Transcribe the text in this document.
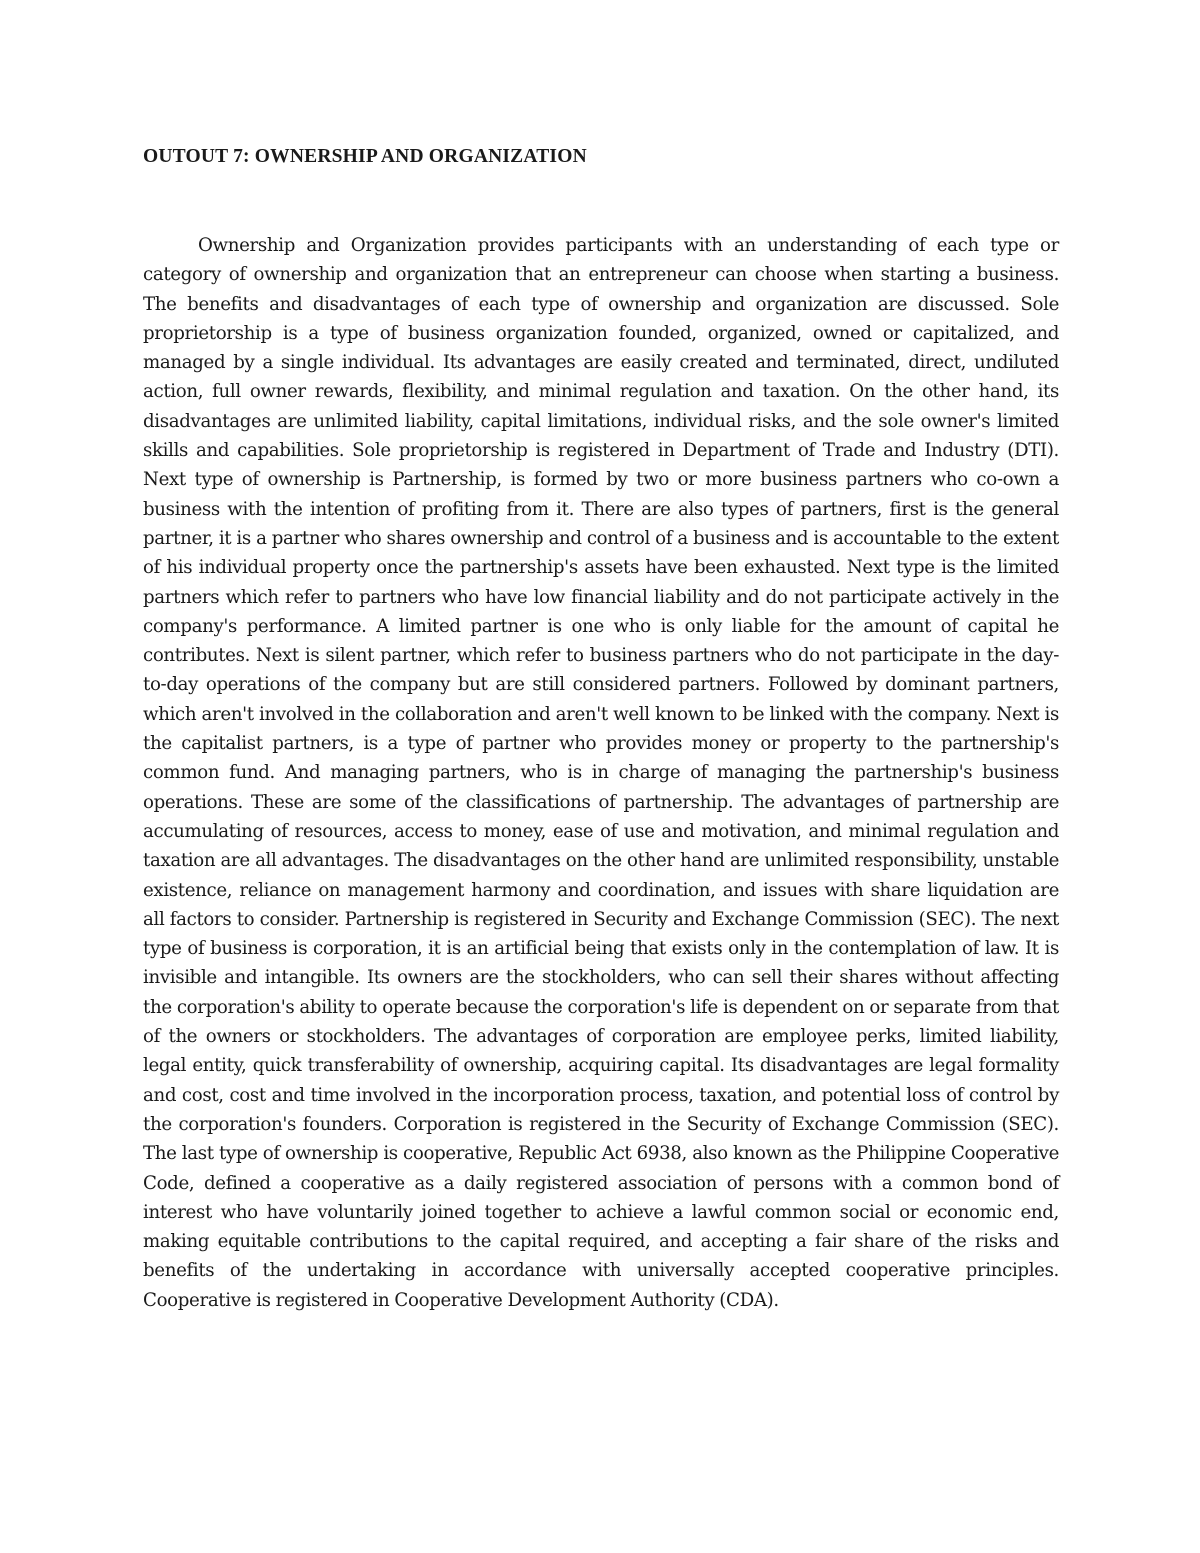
OUTOUT 7: OWNERSHIP AND ORGANIZATION

Ownership and Organization provides participants with an understanding of each type or category of ownership and organization that an entrepreneur can choose when starting a business. The benefits and disadvantages of each type of ownership and organization are discussed. Sole proprietorship is a type of business organization founded, organized, owned or capitalized, and managed by a single individual. Its advantages are easily created and terminated, direct, undiluted action, full owner rewards, flexibility, and minimal regulation and taxation. On the other hand, its disadvantages are unlimited liability, capital limitations, individual risks, and the sole owner's limited skills and capabilities. Sole proprietorship is registered in Department of Trade and Industry (DTI). Next type of ownership is Partnership, is formed by two or more business partners who co-own a business with the intention of profiting from it. There are also types of partners, first is the general partner, it is a partner who shares ownership and control of a business and is accountable to the extent of his individual property once the partnership's assets have been exhausted. Next type is the limited partners which refer to partners who have low financial liability and do not participate actively in the company's performance. A limited partner is one who is only liable for the amount of capital he contributes. Next is silent partner, which refer to business partners who do not participate in the day-to-day operations of the company but are still considered partners. Followed by dominant partners, which aren't involved in the collaboration and aren't well known to be linked with the company. Next is the capitalist partners, is a type of partner who provides money or property to the partnership's common fund. And managing partners, who is in charge of managing the partnership's business operations. These are some of the classifications of partnership. The advantages of partnership are accumulating of resources, access to money, ease of use and motivation, and minimal regulation and taxation are all advantages. The disadvantages on the other hand are unlimited responsibility, unstable existence, reliance on management harmony and coordination, and issues with share liquidation are all factors to consider. Partnership is registered in Security and Exchange Commission (SEC). The next type of business is corporation, it is an artificial being that exists only in the contemplation of law. It is invisible and intangible. Its owners are the stockholders, who can sell their shares without affecting the corporation's ability to operate because the corporation's life is dependent on or separate from that of the owners or stockholders. The advantages of corporation are employee perks, limited liability, legal entity, quick transferability of ownership, acquiring capital. Its disadvantages are legal formality and cost, cost and time involved in the incorporation process, taxation, and potential loss of control by the corporation's founders. Corporation is registered in the Security of Exchange Commission (SEC). The last type of ownership is cooperative, Republic Act 6938, also known as the Philippine Cooperative Code, defined a cooperative as a daily registered association of persons with a common bond of interest who have voluntarily joined together to achieve a lawful common social or economic end, making equitable contributions to the capital required, and accepting a fair share of the risks and benefits of the undertaking in accordance with universally accepted cooperative principles. Cooperative is registered in Cooperative Development Authority (CDA).
